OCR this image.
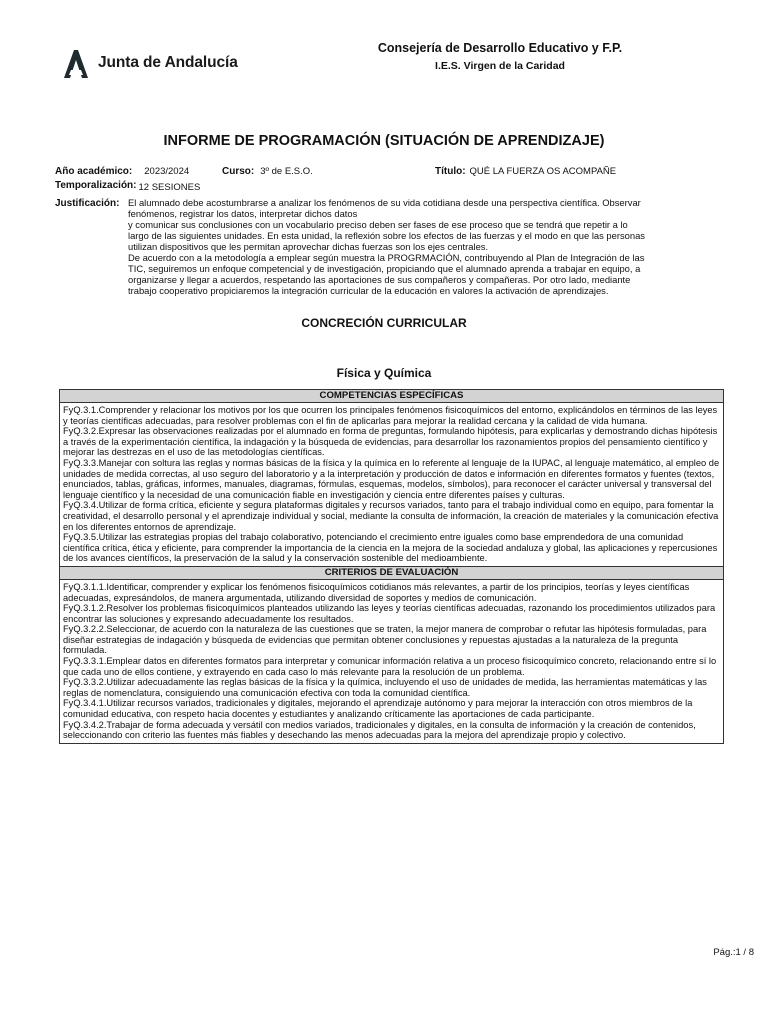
Junta de Andalucía
Consejería de Desarrollo Educativo y F.P.
I.E.S. Virgen de la Caridad
INFORME DE PROGRAMACIÓN (SITUACIÓN DE APRENDIZAJE)
Año académico: 2023/2024	Curso: 3º de E.S.O.	Título: QUÉ LA FUERZA OS ACOMPAÑE
Temporalización: 12 SESIONES
Justificación: El alumnado debe acostumbrarse a analizar los fenómenos de su vida cotidiana desde una perspectiva científica. Observar
fenómenos, registrar los datos, interpretar dichos datos
y comunicar sus conclusiones con un vocabulario preciso deben ser fases de ese proceso que se tendrá que repetir a lo
largo de las siguientes unidades. En esta unidad, la reflexión sobre los efectos de las fuerzas y el modo en que las personas
utilizan dispositivos que les permitan aprovechar dichas fuerzas son los ejes centrales.
De acuerdo con a la metodología a emplear según muestra la PROGRMACIÓN, contribuyendo al Plan de Integración de las
TIC, seguiremos un enfoque competencial y de investigación, propiciando que el alumnado aprenda a trabajar en equipo, a
organizarse y llegar a acuerdos, respetando las aportaciones de sus compañeros y compañeras. Por otro lado, mediante
trabajo cooperativo propiciaremos la integración curricular de la educación en valores la activación de aprendizajes.
CONCRECIÓN CURRICULAR
Física y Química
COMPETENCIAS ESPECÍFICAS

FyQ.3.1.Comprender y relacionar los motivos por los que ocurren los principales fenómenos fisicoquímicos del entorno, explicándolos en términos de las leyes y teorías científicas adecuadas, para resolver problemas con el fin de aplicarlas para mejorar la realidad cercana y la calidad de vida humana.

FyQ.3.2.Expresar las observaciones realizadas por el alumnado en forma de preguntas, formulando hipótesis, para explicarlas y demostrando dichas hipótesis a través de la experimentación científica, la indagación y la búsqueda de evidencias, para desarrollar los razonamientos propios del pensamiento científico y mejorar las destrezas en el uso de las metodologías científicas.

FyQ.3.3.Manejar con soltura las reglas y normas básicas de la física y la química en lo referente al lenguaje de la IUPAC, al lenguaje matemático, al empleo de unidades de medida correctas, al uso seguro del laboratorio y a la interpretación y producción de datos e información en diferentes formatos y fuentes (textos, enunciados, tablas, gráficas, informes, manuales, diagramas, fórmulas, esquemas, modelos, símbolos), para reconocer el carácter universal y transversal del lenguaje científico y la necesidad de una comunicación fiable en investigación y ciencia entre diferentes países y culturas.

FyQ.3.4.Utilizar de forma crítica, eficiente y segura plataformas digitales y recursos variados, tanto para el trabajo individual como en equipo, para fomentar la creatividad, el desarrollo personal y el aprendizaje individual y social, mediante la consulta de información, la creación de materiales y la comunicación efectiva en los diferentes entornos de aprendizaje.

FyQ.3.5.Utilizar las estrategias propias del trabajo colaborativo, potenciando el crecimiento entre iguales como base emprendedora de una comunidad científica crítica, ética y eficiente, para comprender la importancia de la ciencia en la mejora de la sociedad andaluza y global, las aplicaciones y repercusiones de los avances científicos, la preservación de la salud y la conservación sostenible del medioambiente.

CRITERIOS DE EVALUACIÓN

FyQ.3.1.1.Identificar, comprender y explicar los fenómenos fisicoquímicos cotidianos más relevantes, a partir de los principios, teorías y leyes científicas adecuadas, expresándolos, de manera argumentada, utilizando diversidad de soportes y medios de comunicación.

FyQ.3.1.2.Resolver los problemas fisicoquímicos planteados utilizando las leyes y teorías científicas adecuadas, razonando los procedimientos utilizados para encontrar las soluciones y expresando adecuadamente los resultados.

FyQ.3.2.2.Seleccionar, de acuerdo con la naturaleza de las cuestiones que se traten, la mejor manera de comprobar o refutar las hipótesis formuladas, para diseñar estrategias de indagación y búsqueda de evidencias que permitan obtener conclusiones y repuestas ajustadas a la naturaleza de la pregunta formulada.

FyQ.3.3.1.Emplear datos en diferentes formatos para interpretar y comunicar información relativa a un proceso fisicoquímico concreto, relacionando entre sí lo que cada uno de ellos contiene, y extrayendo en cada caso lo más relevante para la resolución de un problema.

FyQ.3.3.2.Utilizar adecuadamente las reglas básicas de la física y la química, incluyendo el uso de unidades de medida, las herramientas matemáticas y las reglas de nomenclatura, consiguiendo una comunicación efectiva con toda la comunidad científica.

FyQ.3.4.1.Utilizar recursos variados, tradicionales y digitales, mejorando el aprendizaje autónomo y para mejorar la interacción con otros miembros de la comunidad educativa, con respeto hacia docentes y estudiantes y analizando críticamente las aportaciones de cada participante.

FyQ.3.4.2.Trabajar de forma adecuada y versátil con medios variados, tradicionales y digitales, en la consulta de información y la creación de contenidos, seleccionando con criterio las fuentes más fiables y desechando las menos adecuadas para la mejora del aprendizaje propio y colectivo.

Pág.:1 / 8
